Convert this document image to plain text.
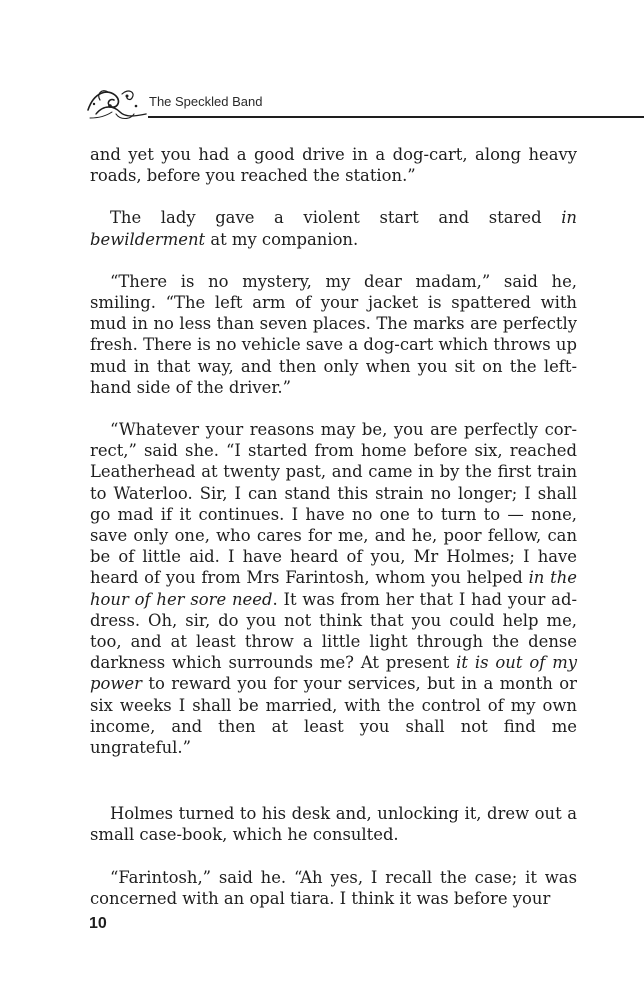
The Speckled Band

and yet you had a good drive in a dog-cart, along heavy roads, before you reached the station.”

The lady gave a violent start and stared in bewilderment at my companion.

“There is no mystery, my dear madam,” said he, smiling. “The left arm of your jacket is spattered with mud in no less than seven places. The marks are perfectly fresh. There is no vehicle save a dog-cart which throws up mud in that way, and then only when you sit on the left-hand side of the driver.”

“Whatever your reasons may be, you are perfectly correct,” said she. “I started from home before six, reached Leatherhead at twenty past, and came in by the first train to Waterloo. Sir, I can stand this strain no longer; I shall go mad if it continues. I have no one to turn to — none, save only one, who cares for me, and he, poor fellow, can be of little aid. I have heard of you, Mr Holmes; I have heard of you from Mrs Farintosh, whom you helped in the hour of her sore need. It was from her that I had your address. Oh, sir, do you not think that you could help me, too, and at least throw a little light through the dense darkness which surrounds me? At present it is out of my power to reward you for your services, but in a month or six weeks I shall be married, with the control of my own income, and then at least you shall not find me ungrateful.”

Holmes turned to his desk and, unlocking it, drew out a small case-book, which he consulted.

“Farintosh,” said he. “Ah yes, I recall the case; it was concerned with an opal tiara. I think it was before your

10
